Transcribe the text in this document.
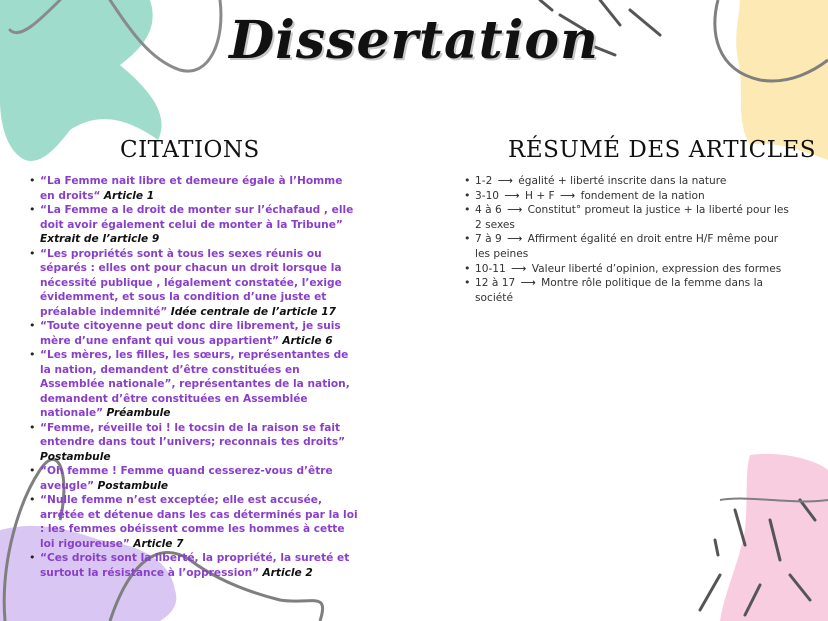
Dissertation
CITATIONS	RÉSUMÉ DES ARTICLES
• “La Femme nait libre et demeure égale à l’Homme en droits“ Article 1
• “La Femme a le droit de monter sur l’échafaud , elle doit avoir également celui de monter à la Tribune” Extrait de l’article 9
• “Les propriétés sont à tous les sexes réunis ou séparés : elles ont pour chacun un droit lorsque la nécessité publique , légalement constatée, l’exige évidemment, et sous la condition d’une juste et préalable indemnité” Idée centrale de l’article 17
• “Toute citoyenne peut donc dire librement, je suis mère d’une enfant qui vous appartient” Article 6
• “Les mères, les filles, les sœurs, représentantes de la nation, demandent d’être constituées en Assemblée nationale”, représentantes de la nation, demandent d’être constituées en Assemblée nationale” Préambule
• “Femme, réveille toi ! le tocsin de la raison se fait entendre dans tout l’univers; reconnais tes droits” Postambule
• “Oh femme ! Femme quand cesserez-vous d’être aveugle” Postambule
• “Nulle femme n’est exceptée; elle est accusée, arrêtée et détenue dans les cas déterminés par la loi : les femmes obéissent comme les hommes à cette loi rigoureuse” Article 7
• “Ces droits sont la liberté, la propriété, la sureté et surtout la résistance à l’oppression” Article 2
• 1-2 ⟶ égalité + liberté inscrite dans la nature
• 3-10 ⟶ H + F ⟶ fondement de la nation
• 4 à 6 ⟶ Constitut° promeut la justice + la liberté pour les 2 sexes
• 7 à 9 ⟶ Affirment égalité en droit entre H/F même pour les peines
• 10-11 ⟶ Valeur liberté d’opinion, expression des formes
• 12 à 17 ⟶ Montre rôle politique de la femme dans la société
